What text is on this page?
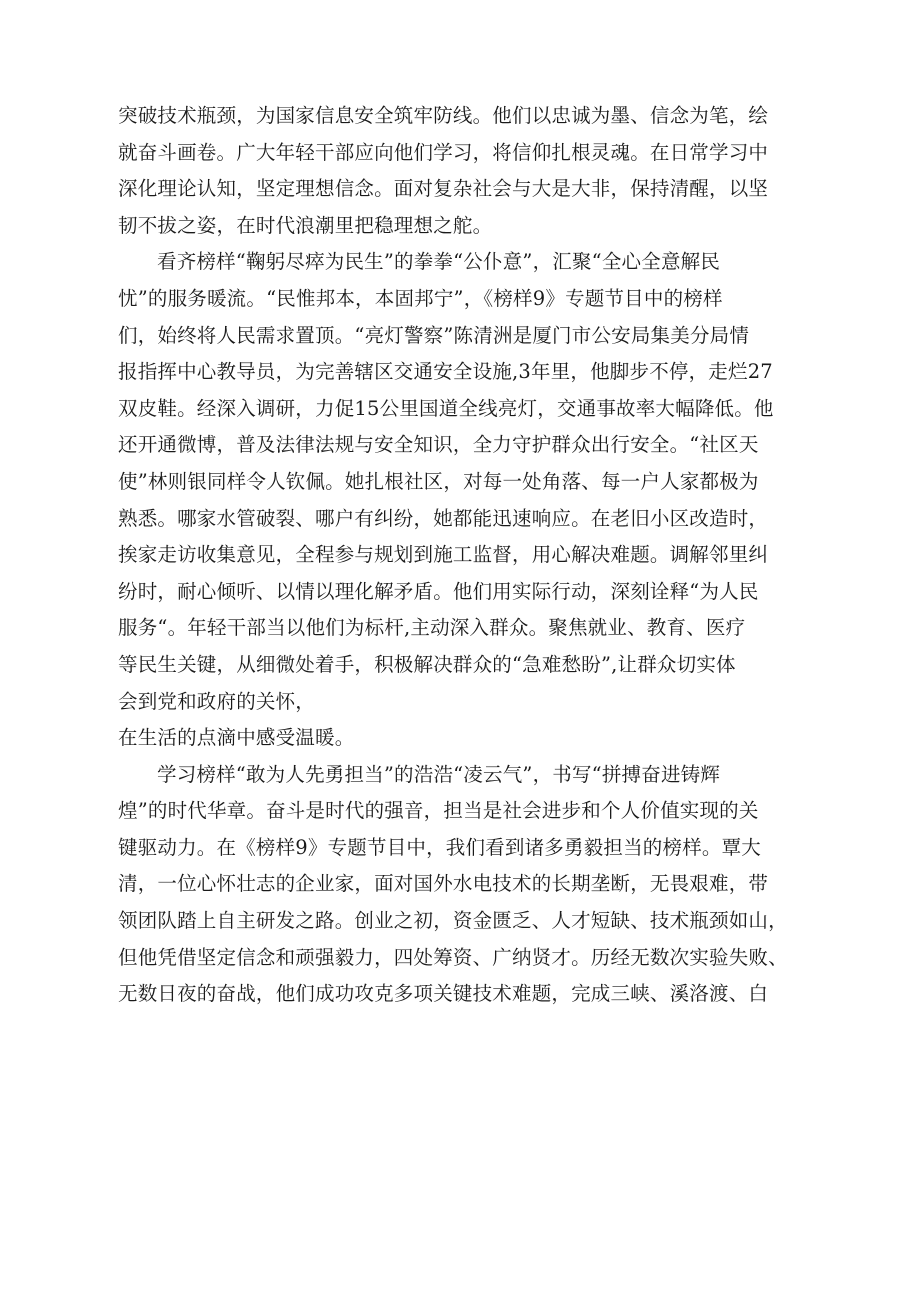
突破技术瓶颈，为国家信息安全筑牢防线。他们以忠诚为墨、信念为笔，绘
就奋斗画卷。广大年轻干部应向他们学习，将信仰扎根灵魂。在日常学习中
深化理论认知，坚定理想信念。面对复杂社会与大是大非，保持清醒，以坚
韧不拔之姿，在时代浪潮里把稳理想之舵。

看齐榜样“鞠躬尽瘁为民生”的拳拳“公仆意”，汇聚“全心全意解民
忧”的服务暖流。“民惟邦本，本固邦宁”，《榜样9》专题节目中的榜样
们，始终将人民需求置顶。“亮灯警察”陈清洲是厦门市公安局集美分局情
报指挥中心教导员，为完善辖区交通安全设施,3年里，他脚步不停，走烂27
双皮鞋。经深入调研，力促15公里国道全线亮灯，交通事故率大幅降低。他
还开通微博，普及法律法规与安全知识，全力守护群众出行安全。“社区天
使”林则银同样令人钦佩。她扎根社区，对每一处角落、每一户人家都极为
熟悉。哪家水管破裂、哪户有纠纷，她都能迅速响应。在老旧小区改造时，
挨家走访收集意见，全程参与规划到施工监督，用心解决难题。调解邻里纠
纷时，耐心倾听、以情以理化解矛盾。他们用实际行动，深刻诠释“为人民
服务“。年轻干部当以他们为标杆,主动深入群众。聚焦就业、教育、医疗
等民生关键，从细微处着手，积极解决群众的“急难愁盼”,让群众切实体
会到党和政府的关怀，
在生活的点滴中感受温暖。

学习榜样“敢为人先勇担当”的浩浩“凌云气”，书写“拼搏奋进铸辉
煌”的时代华章。奋斗是时代的强音，担当是社会进步和个人价值实现的关
键驱动力。在《榜样9》专题节目中，我们看到诸多勇毅担当的榜样。覃大
清，一位心怀壮志的企业家，面对国外水电技术的长期垄断，无畏艰难，带
领团队踏上自主研发之路。创业之初，资金匮乏、人才短缺、技术瓶颈如山，
但他凭借坚定信念和顽强毅力，四处筹资、广纳贤才。历经无数次实验失败、
无数日夜的奋战，他们成功攻克多项关键技术难题，完成三峡、溪洛渡、白
